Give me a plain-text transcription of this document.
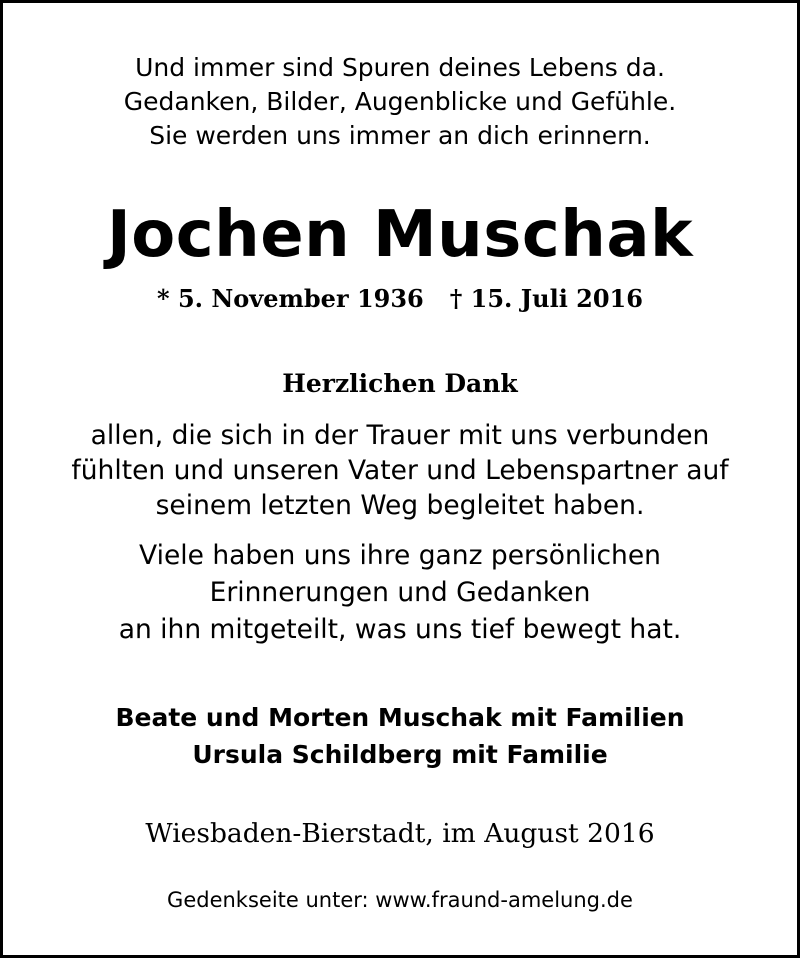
Und immer sind Spuren deines Lebens da.

Gedanken, Bilder, Augenblicke und Gefühle.

Sie werden uns immer an dich erinnern.

Jochen Muschak

* 5. November 1936 † 15. Juli 2016

Herzlichen Dank

allen, die sich in der Trauer mit uns verbunden

fühlten und unseren Vater und Lebenspartner auf

seinem letzten Weg begleitet haben.

Viele haben uns ihre ganz persönlichen

Erinnerungen und Gedanken

an ihn mitgeteilt, was uns tief bewegt hat.

Beate und Morten Muschak mit Familien

Ursula Schildberg mit Familie

Wiesbaden-Bierstadt, im August 2016

Gedenkseite unter: www.fraund-amelung.de
